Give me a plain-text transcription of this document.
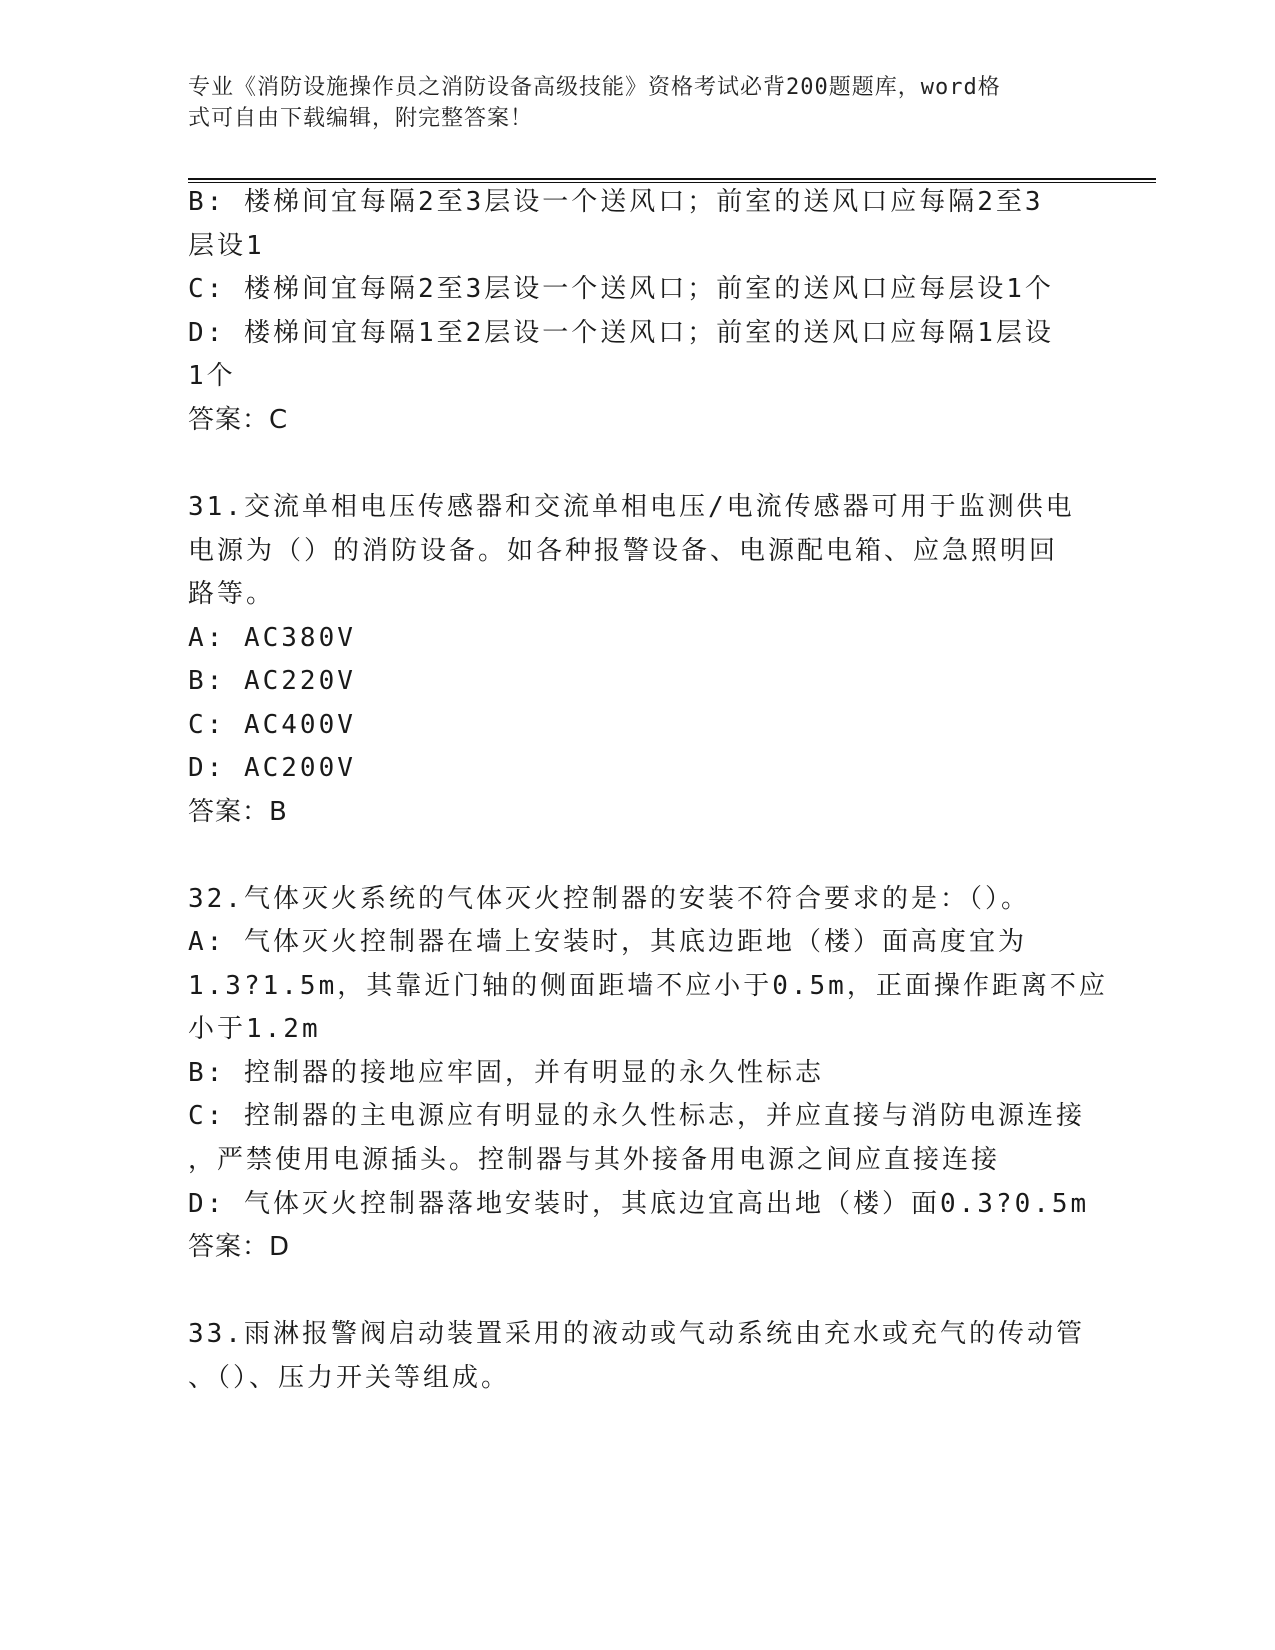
专业《消防设施操作员之消防设备高级技能》资格考试必背200题题库，word格
式可自由下载编辑，附完整答案！
B: 楼梯间宜每隔2至3层设一个送风口；前室的送风口应每隔2至3
层设1
C: 楼梯间宜每隔2至3层设一个送风口；前室的送风口应每层设1个
D: 楼梯间宜每隔1至2层设一个送风口；前室的送风口应每隔1层设
1个
答案：C
31.交流单相电压传感器和交流单相电压/电流传感器可用于监测供电
电源为（）的消防设备。如各种报警设备、电源配电箱、应急照明回
路等。
A: AC380V
B: AC220V
C: AC400V
D: AC200V
答案：B
32.气体灭火系统的气体灭火控制器的安装不符合要求的是：（）。
A: 气体灭火控制器在墙上安装时，其底边距地（楼）面高度宜为
1.3?1.5m，其靠近门轴的侧面距墙不应小于0.5m，正面操作距离不应
小于1.2m
B: 控制器的接地应牢固，并有明显的永久性标志
C: 控制器的主电源应有明显的永久性标志，并应直接与消防电源连接
，严禁使用电源插头。控制器与其外接备用电源之间应直接连接
D: 气体灭火控制器落地安装时，其底边宜高出地（楼）面0.3?0.5m
答案：D
33.雨淋报警阀启动装置采用的液动或气动系统由充水或充气的传动管
、（）、压力开关等组成。
